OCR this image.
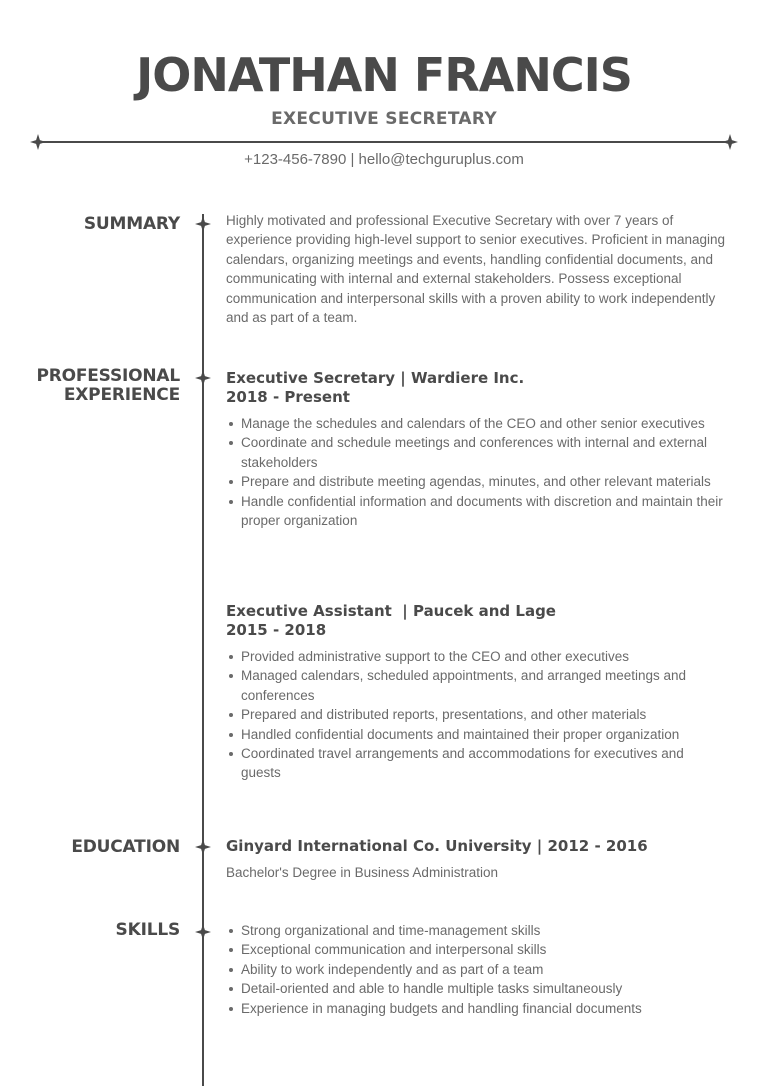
JONATHAN FRANCIS
EXECUTIVE SECRETARY
+123-456-7890 | hello@techguruplus.com
SUMMARY	Highly motivated and professional Executive Secretary with over 7 years of experience providing high-level support to senior executives. Proficient in managing calendars, organizing meetings and events, handling confidential documents, and communicating with internal and external stakeholders. Possess exceptional communication and interpersonal skills with a proven ability to work independently and as part of a team.
PROFESSIONAL
EXPERIENCE
Executive Secretary | Wardiere Inc.
2018 - Present
Manage the schedules and calendars of the CEO and other senior executives
Coordinate and schedule meetings and conferences with internal and external stakeholders
Prepare and distribute meeting agendas, minutes, and other relevant materials
Handle confidential information and documents with discretion and maintain their proper organization
Executive Assistant  | Paucek and Lage
2015 - 2018
Provided administrative support to the CEO and other executives
Managed calendars, scheduled appointments, and arranged meetings and conferences
Prepared and distributed reports, presentations, and other materials
Handled confidential documents and maintained their proper organization
Coordinated travel arrangements and accommodations for executives and guests
EDUCATION	Ginyard International Co. University | 2012 - 2016
Bachelor's Degree in Business Administration
SKILLS	Strong organizational and time-management skills
Exceptional communication and interpersonal skills
Ability to work independently and as part of a team
Detail-oriented and able to handle multiple tasks simultaneously
Experience in managing budgets and handling financial documents
